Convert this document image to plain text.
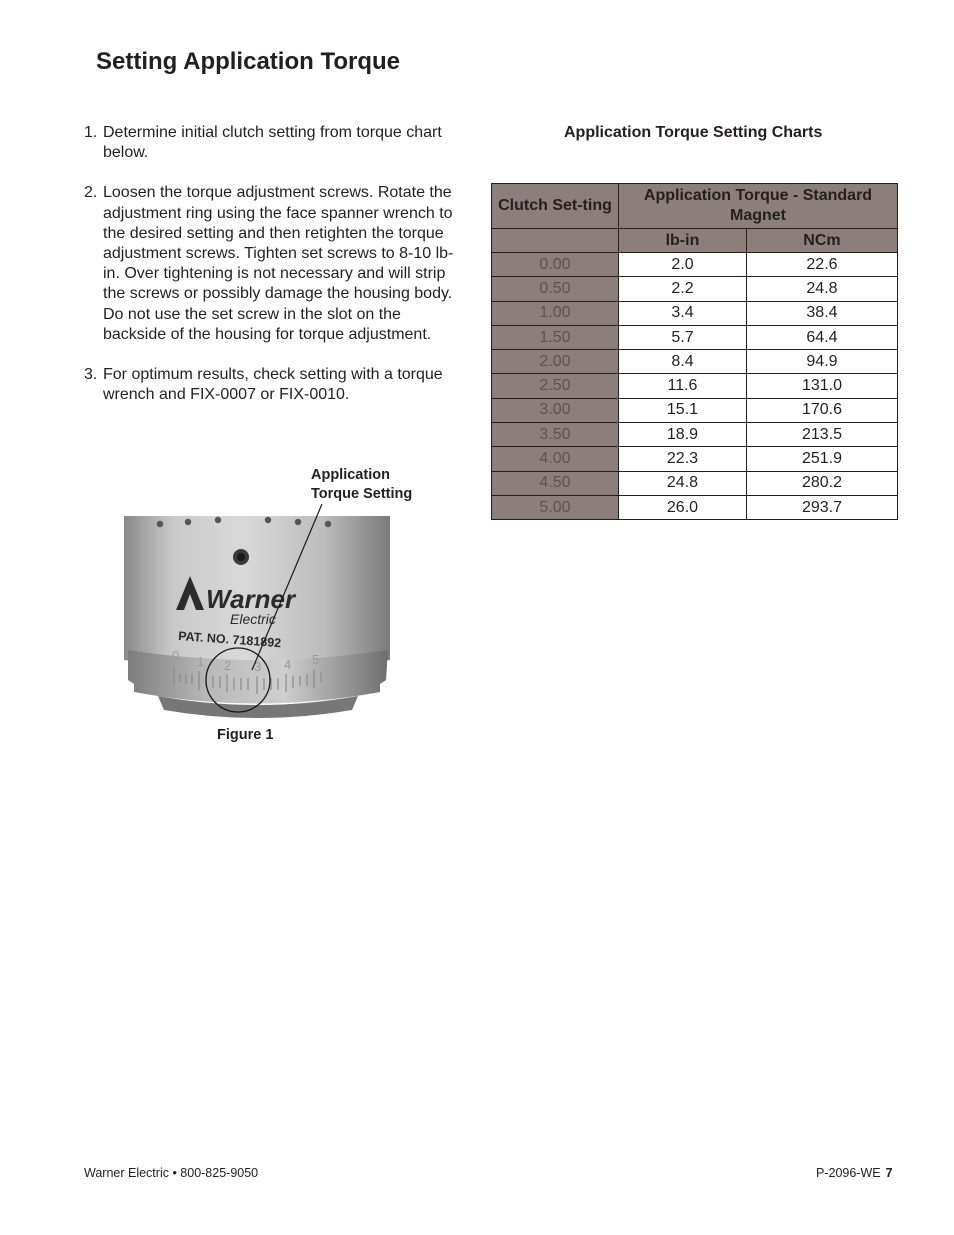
Setting Application Torque
1. Determine initial clutch setting from torque chart below.
2. Loosen the torque adjustment screws. Rotate the adjustment ring using the face spanner wrench to the desired setting and then retighten the torque adjustment screws. Tighten set screws to 8-10 lb-in. Over tightening is not necessary and will strip the screws or possibly damage the housing body. Do not use the set screw in the slot on the backside of the housing for torque adjustment.
3. For optimum results, check setting with a torque wrench and FIX-0007 or FIX-0010.
Application
Torque Setting
Warner
Electric
PAT. NO. 7181892
0 1 2 3 4 5
Figure 1
Application Torque Setting Charts
Clutch Set-ting	Application Torque - Standard Magnet	
	lb-in	NCm
0.00	2.0	22.6
0.50	2.2	24.8
1.00	3.4	38.4
1.50	5.7	64.4
2.00	8.4	94.9
2.50	11.6	131.0
3.00	15.1	170.6
3.50	18.9	213.5
4.00	22.3	251.9
4.50	24.8	280.2
5.00	26.0	293.7
Warner Electric • 800-825-9050	P-2096-WE 7
